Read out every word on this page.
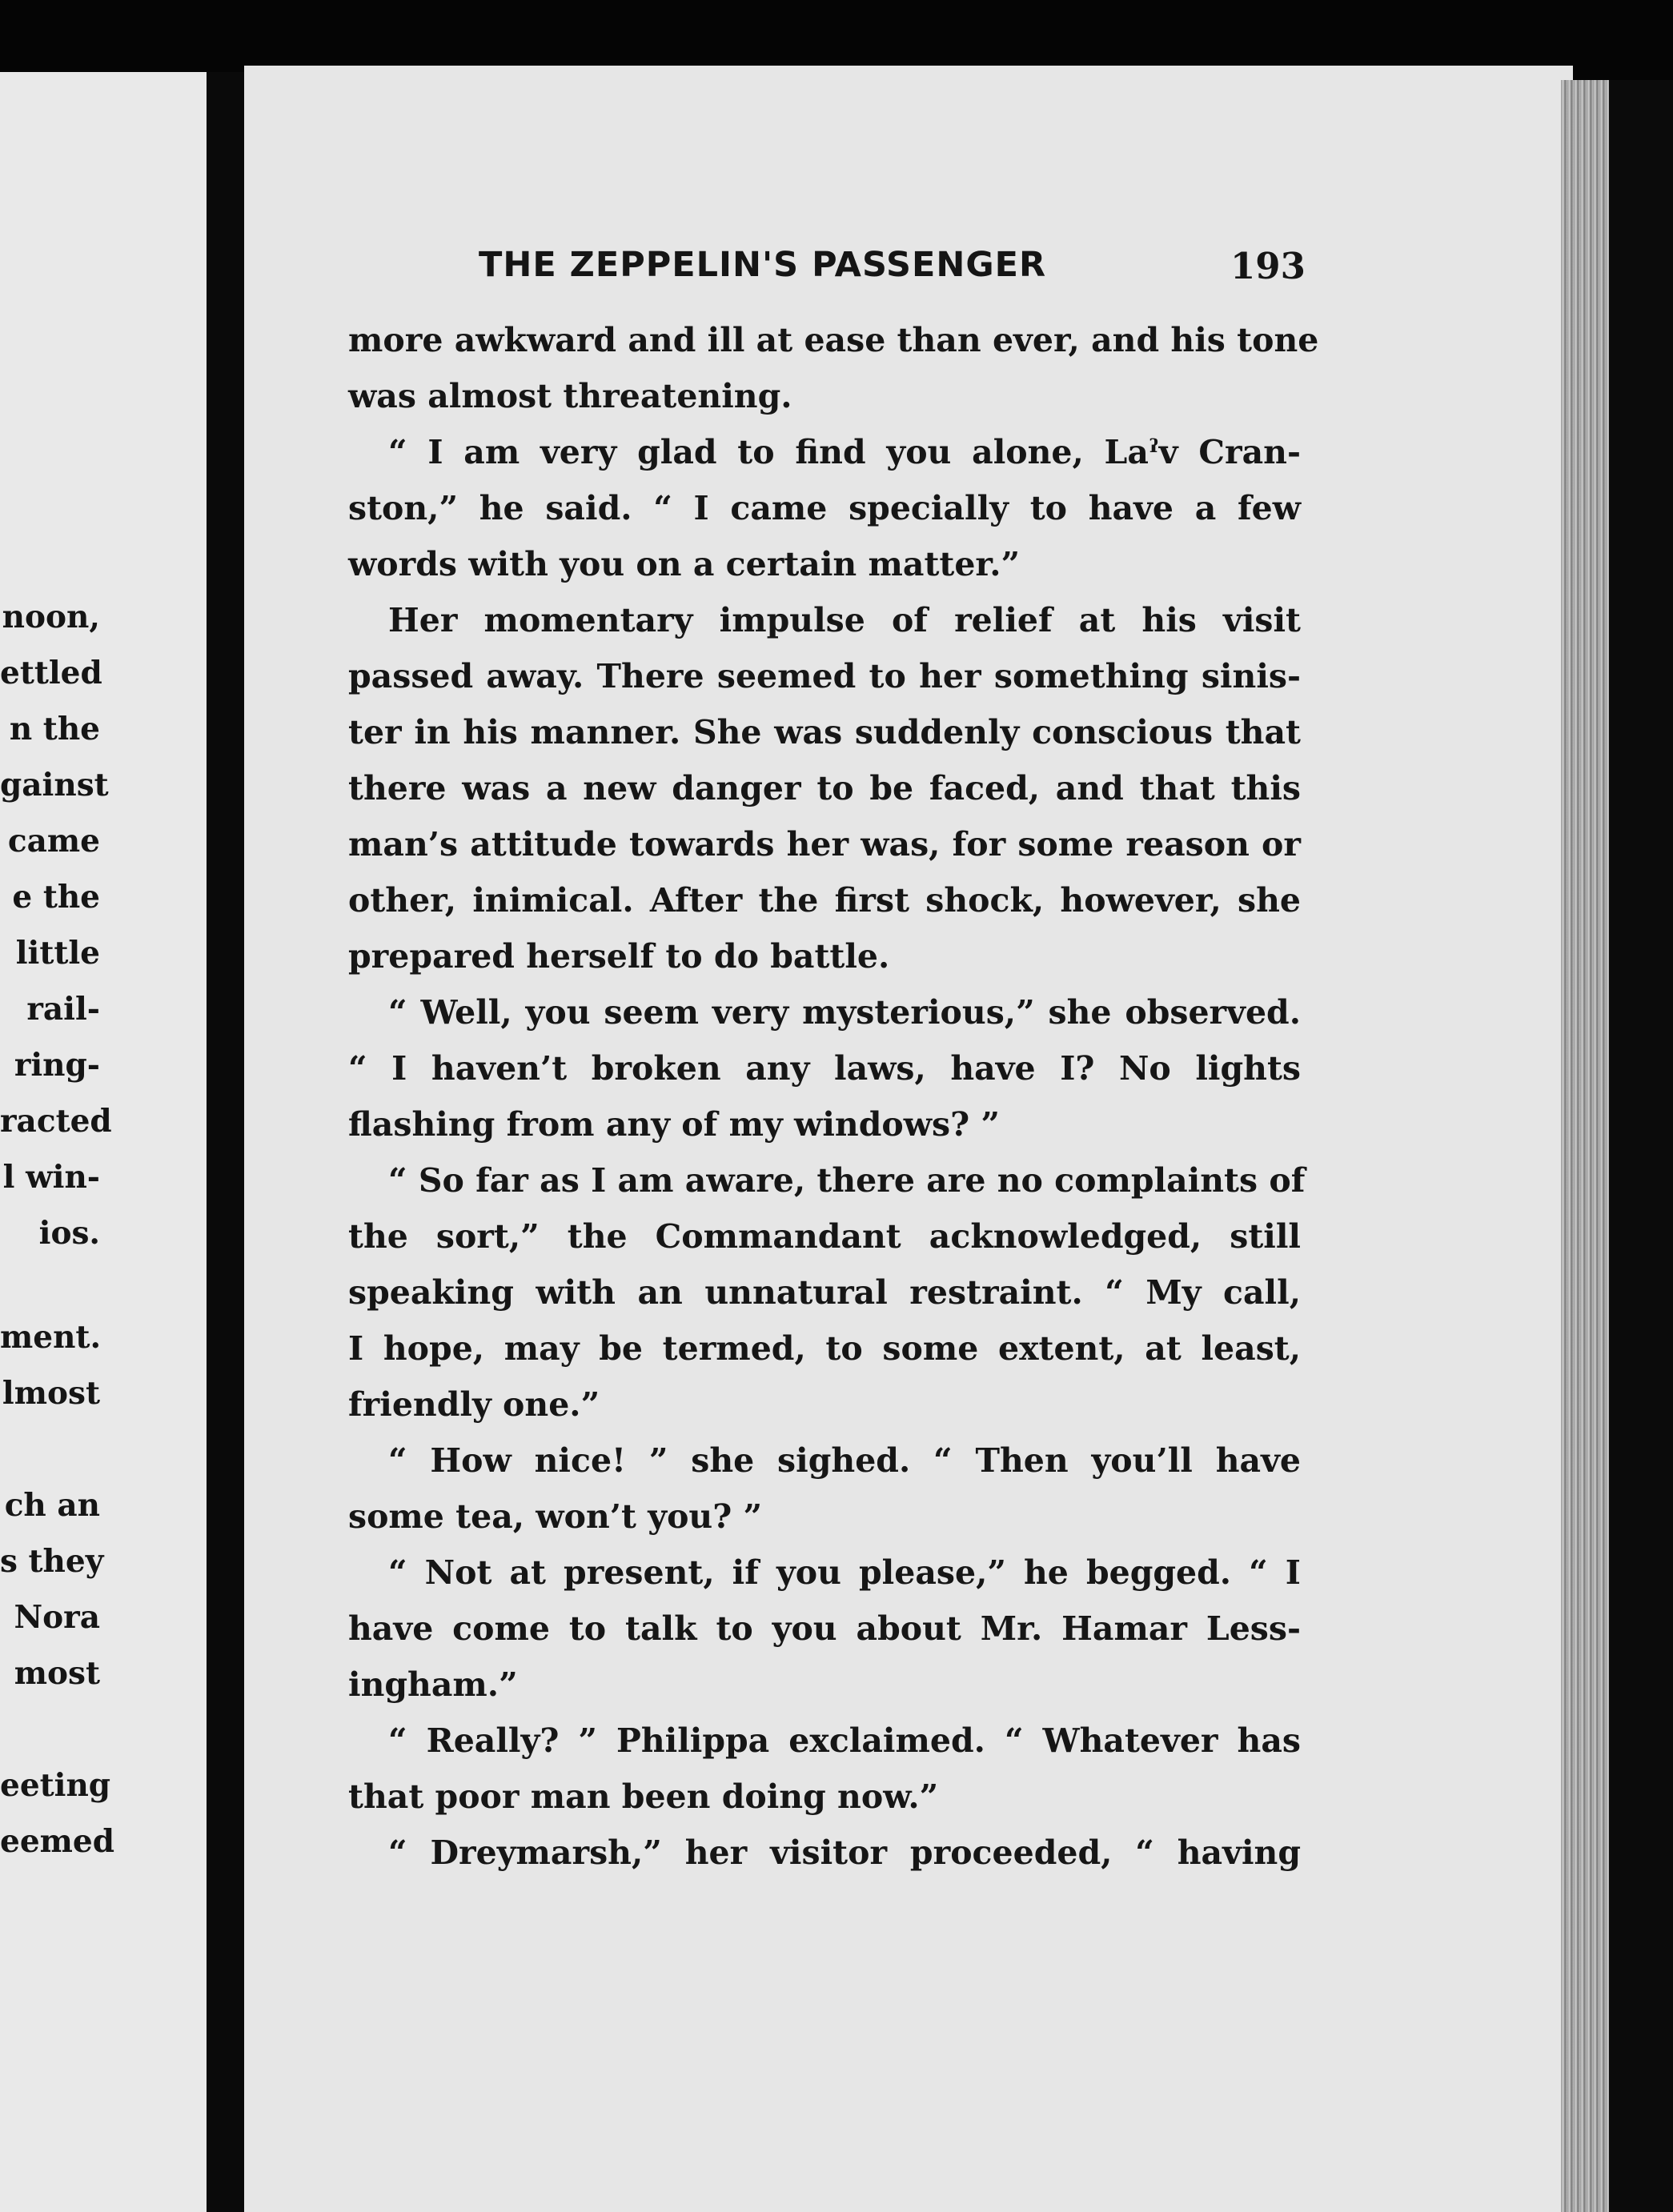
noon,
ettled
n the
gainst
came
e the
little
rail-
ring-
racted
l win-
ios.
ment.
lmost
ch an
s they
Nora
most
eeting
eemed
THE ZEPPELIN'S PASSENGER	193
more awkward and ill at ease than ever, and his tone
was almost threatening.
“ I am very glad to find you alone, Laˀv Cran-
ston,” he said. “ I came specially to have a few
words with you on a certain matter.”
Her momentary impulse of relief at his visit
passed away. There seemed to her something sinis-
ter in his manner. She was suddenly conscious that
there was a new danger to be faced, and that this
man’s attitude towards her was, for some reason or
other, inimical. After the first shock, however, she
prepared herself to do battle.
“ Well, you seem very mysterious,” she observed.
“ I haven’t broken any laws, have I? No lights
flashing from any of my windows? ”
“ So far as I am aware, there are no complaints of
the sort,” the Commandant acknowledged, still
speaking with an unnatural restraint. “ My call,
I hope, may be termed, to some extent, at least,
friendly one.”
“ How nice! ” she sighed. “ Then you’ll have
some tea, won’t you? ”
“ Not at present, if you please,” he begged. “ I
have come to talk to you about Mr. Hamar Less-
ingham.”
“ Really? ” Philippa exclaimed. “ Whatever has
that poor man been doing now.”
“ Dreymarsh,” her visitor proceeded, “ having
